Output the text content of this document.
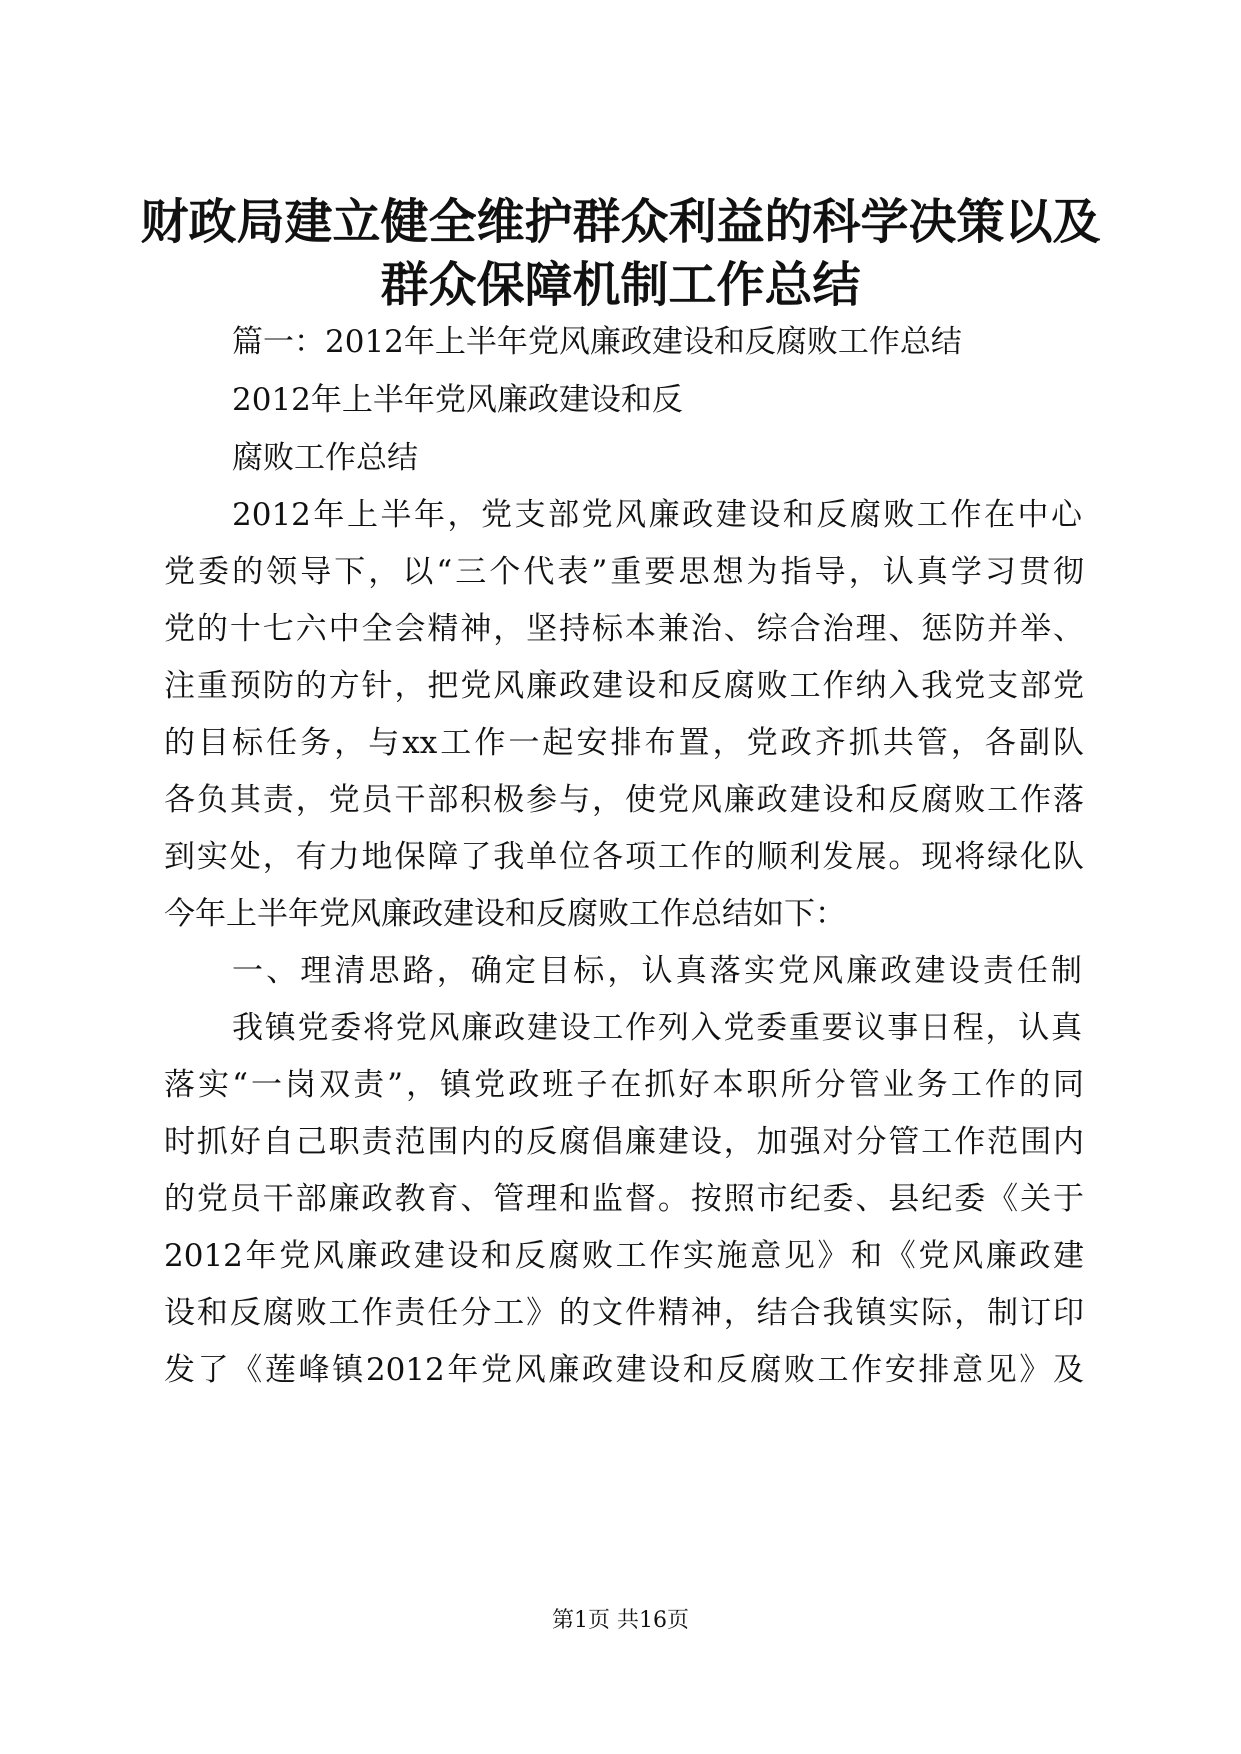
财政局建立健全维护群众利益的科学决策以及
群众保障机制工作总结

篇一：2012年上半年党风廉政建设和反腐败工作总结

2012年上半年党风廉政建设和反

腐败工作总结

2012年上半年，党支部党风廉政建设和反腐败工作在中心

党委的领导下，以“三个代表”重要思想为指导，认真学习贯彻

党的十七六中全会精神，坚持标本兼治、综合治理、惩防并举、

注重预防的方针，把党风廉政建设和反腐败工作纳入我党支部党

的目标任务，与xx工作一起安排布置，党政齐抓共管，各副队

各负其责，党员干部积极参与，使党风廉政建设和反腐败工作落

到实处，有力地保障了我单位各项工作的顺利发展。现将绿化队

今年上半年党风廉政建设和反腐败工作总结如下：

一、理清思路，确定目标，认真落实党风廉政建设责任制

我镇党委将党风廉政建设工作列入党委重要议事日程，认真

落实“一岗双责”，镇党政班子在抓好本职所分管业务工作的同

时抓好自己职责范围内的反腐倡廉建设，加强对分管工作范围内

的党员干部廉政教育、管理和监督。按照市纪委、县纪委《关于

2012年党风廉政建设和反腐败工作实施意见》和《党风廉政建

设和反腐败工作责任分工》的文件精神，结合我镇实际，制订印

发了《莲峰镇2012年党风廉政建设和反腐败工作安排意见》及

第1页 共16页
